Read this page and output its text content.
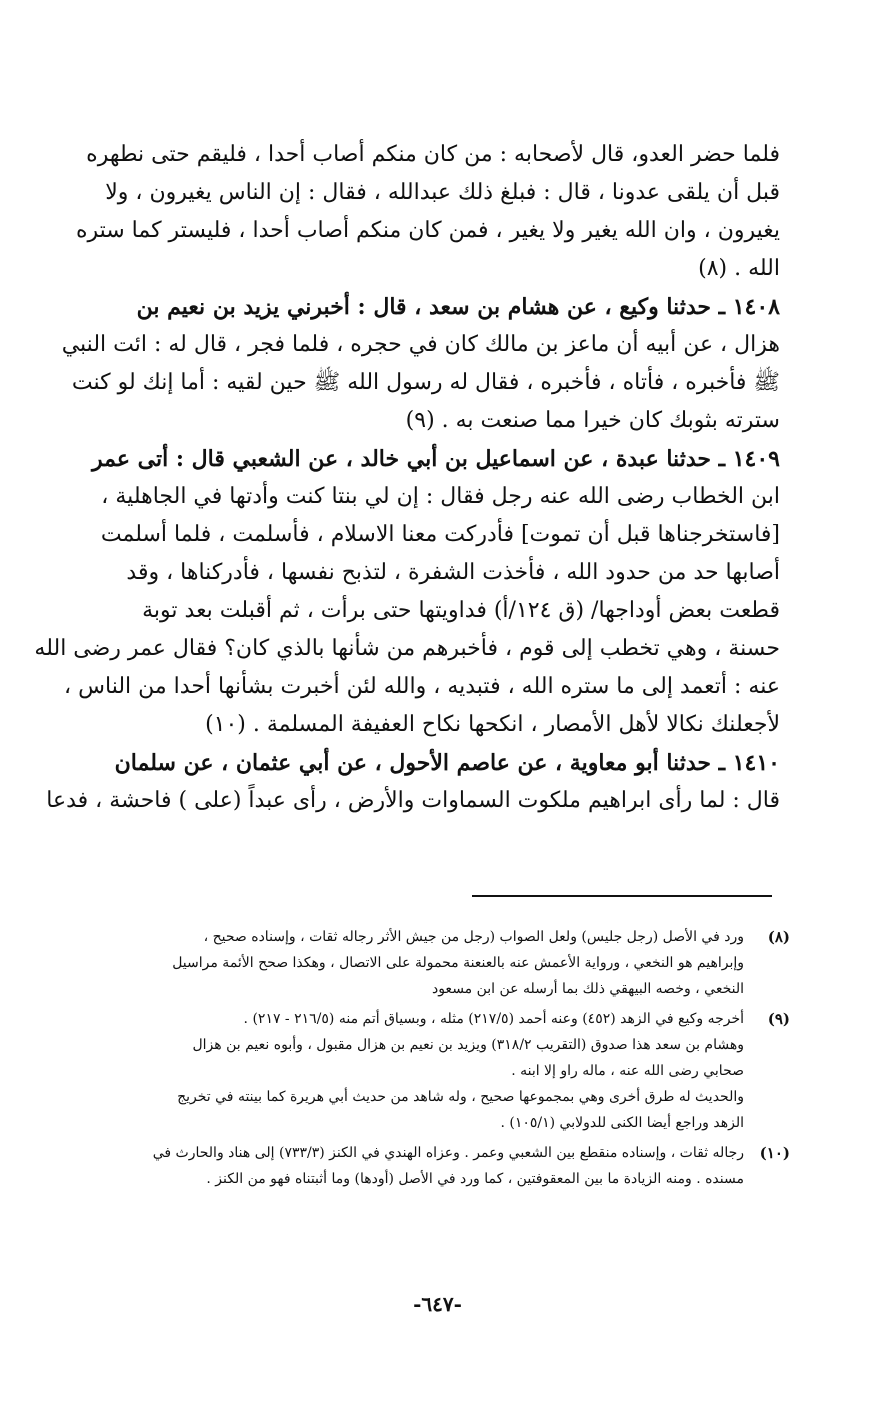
فلما حضر العدو، قال لأصحابه : من كان منكم أصاب أحدا ، فليقم حتى نطهره
قبل أن يلقى عدونا ، قال : فبلغ ذلك عبدالله ، فقال : إن الناس يغيرون ، ولا
يغيرون ، وان الله يغير ولا يغير ، فمن كان منكم أصاب أحدا ، فليستر كما ستره
الله . (٨)
١٤٠٨ ـ حدثنا وكيع ، عن هشام بن سعد ، قال : أخبرني يزيد بن نعيم بن
هزال ، عن أبيه أن ماعز بن مالك كان في حجره ، فلما فجر ، قال له : ائت النبي
ﷺ فأخبره ، فأتاه ، فأخبره ، فقال له رسول الله ﷺ حين لقيه : أما إنك لو كنت
سترته بثوبك كان خيرا مما صنعت به . (٩)
١٤٠٩ ـ حدثنا عبدة ، عن اسماعيل بن أبي خالد ، عن الشعبي قال : أتى عمر
ابن الخطاب رضى الله عنه رجل فقال : إن لي بنتا كنت وأدتها في الجاهلية ،
[فاستخرجناها قبل أن تموت] فأدركت معنا الاسلام ، فأسلمت ، فلما أسلمت
أصابها حد من حدود الله ، فأخذت الشفرة ، لتذبح نفسها ، فأدركناها ، وقد
قطعت بعض أوداجها/ (ق ١٢٤/أ) فداويتها حتى برأت ، ثم أقبلت بعد توبة
حسنة ، وهي تخطب إلى قوم ، فأخبرهم من شأنها بالذي كان؟ فقال عمر رضى الله
عنه : أتعمد إلى ما ستره الله ، فتبديه ، والله لئن أخبرت بشأنها أحدا من الناس ،
لأجعلنك نكالا لأهل الأمصار ، انكحها نكاح العفيفة المسلمة . (١٠)
١٤١٠ ـ حدثنا أبو معاوية ، عن عاصم الأحول ، عن أبي عثمان ، عن سلمان
قال : لما رأى ابراهيم ملكوت السماوات والأرض ، رأى عبداً (على ) فاحشة ، فدعا
(٨)
ورد في الأصل (رجل جليس) ولعل الصواب (رجل من جيش الأثر رجاله ثقات ، وإسناده صحيح ،
وإبراهيم هو النخعي ، ورواية الأعمش عنه بالعنعنة محمولة على الاتصال ، وهكذا صحح الأئمة مراسيل
النخعي ، وخصه البيهقي ذلك بما أرسله عن ابن مسعود
(٩)
أخرجه وكيع في الزهد (٤٥٢) وعنه أحمد (٢١٧/٥) مثله ، وبسياق أتم منه (٢١٦/٥ - ٢١٧) .
وهشام بن سعد هذا صدوق (التقريب ٣١٨/٢) ويزيد بن نعيم بن هزال مقبول ، وأبوه نعيم بن هزال
صحابي رضى الله عنه ، ماله راو إلا ابنه .
والحديث له طرق أخرى وهي بمجموعها صحيح ، وله شاهد من حديث أبي هريرة كما بينته في تخريج
الزهد وراجع أيضا الكنى للدولابي (١٠٥/١) .
(١٠)
رجاله ثقات ، وإسناده منقطع بين الشعبي وعمر . وعزاه الهندي في الكنز (٧٣٣/٣) إلى هناد والحارث في
مسنده . ومنه الزيادة ما بين المعقوفتين ، كما ورد في الأصل (أودها) وما أثبتناه فهو من الكنز .
-٦٤٧-
